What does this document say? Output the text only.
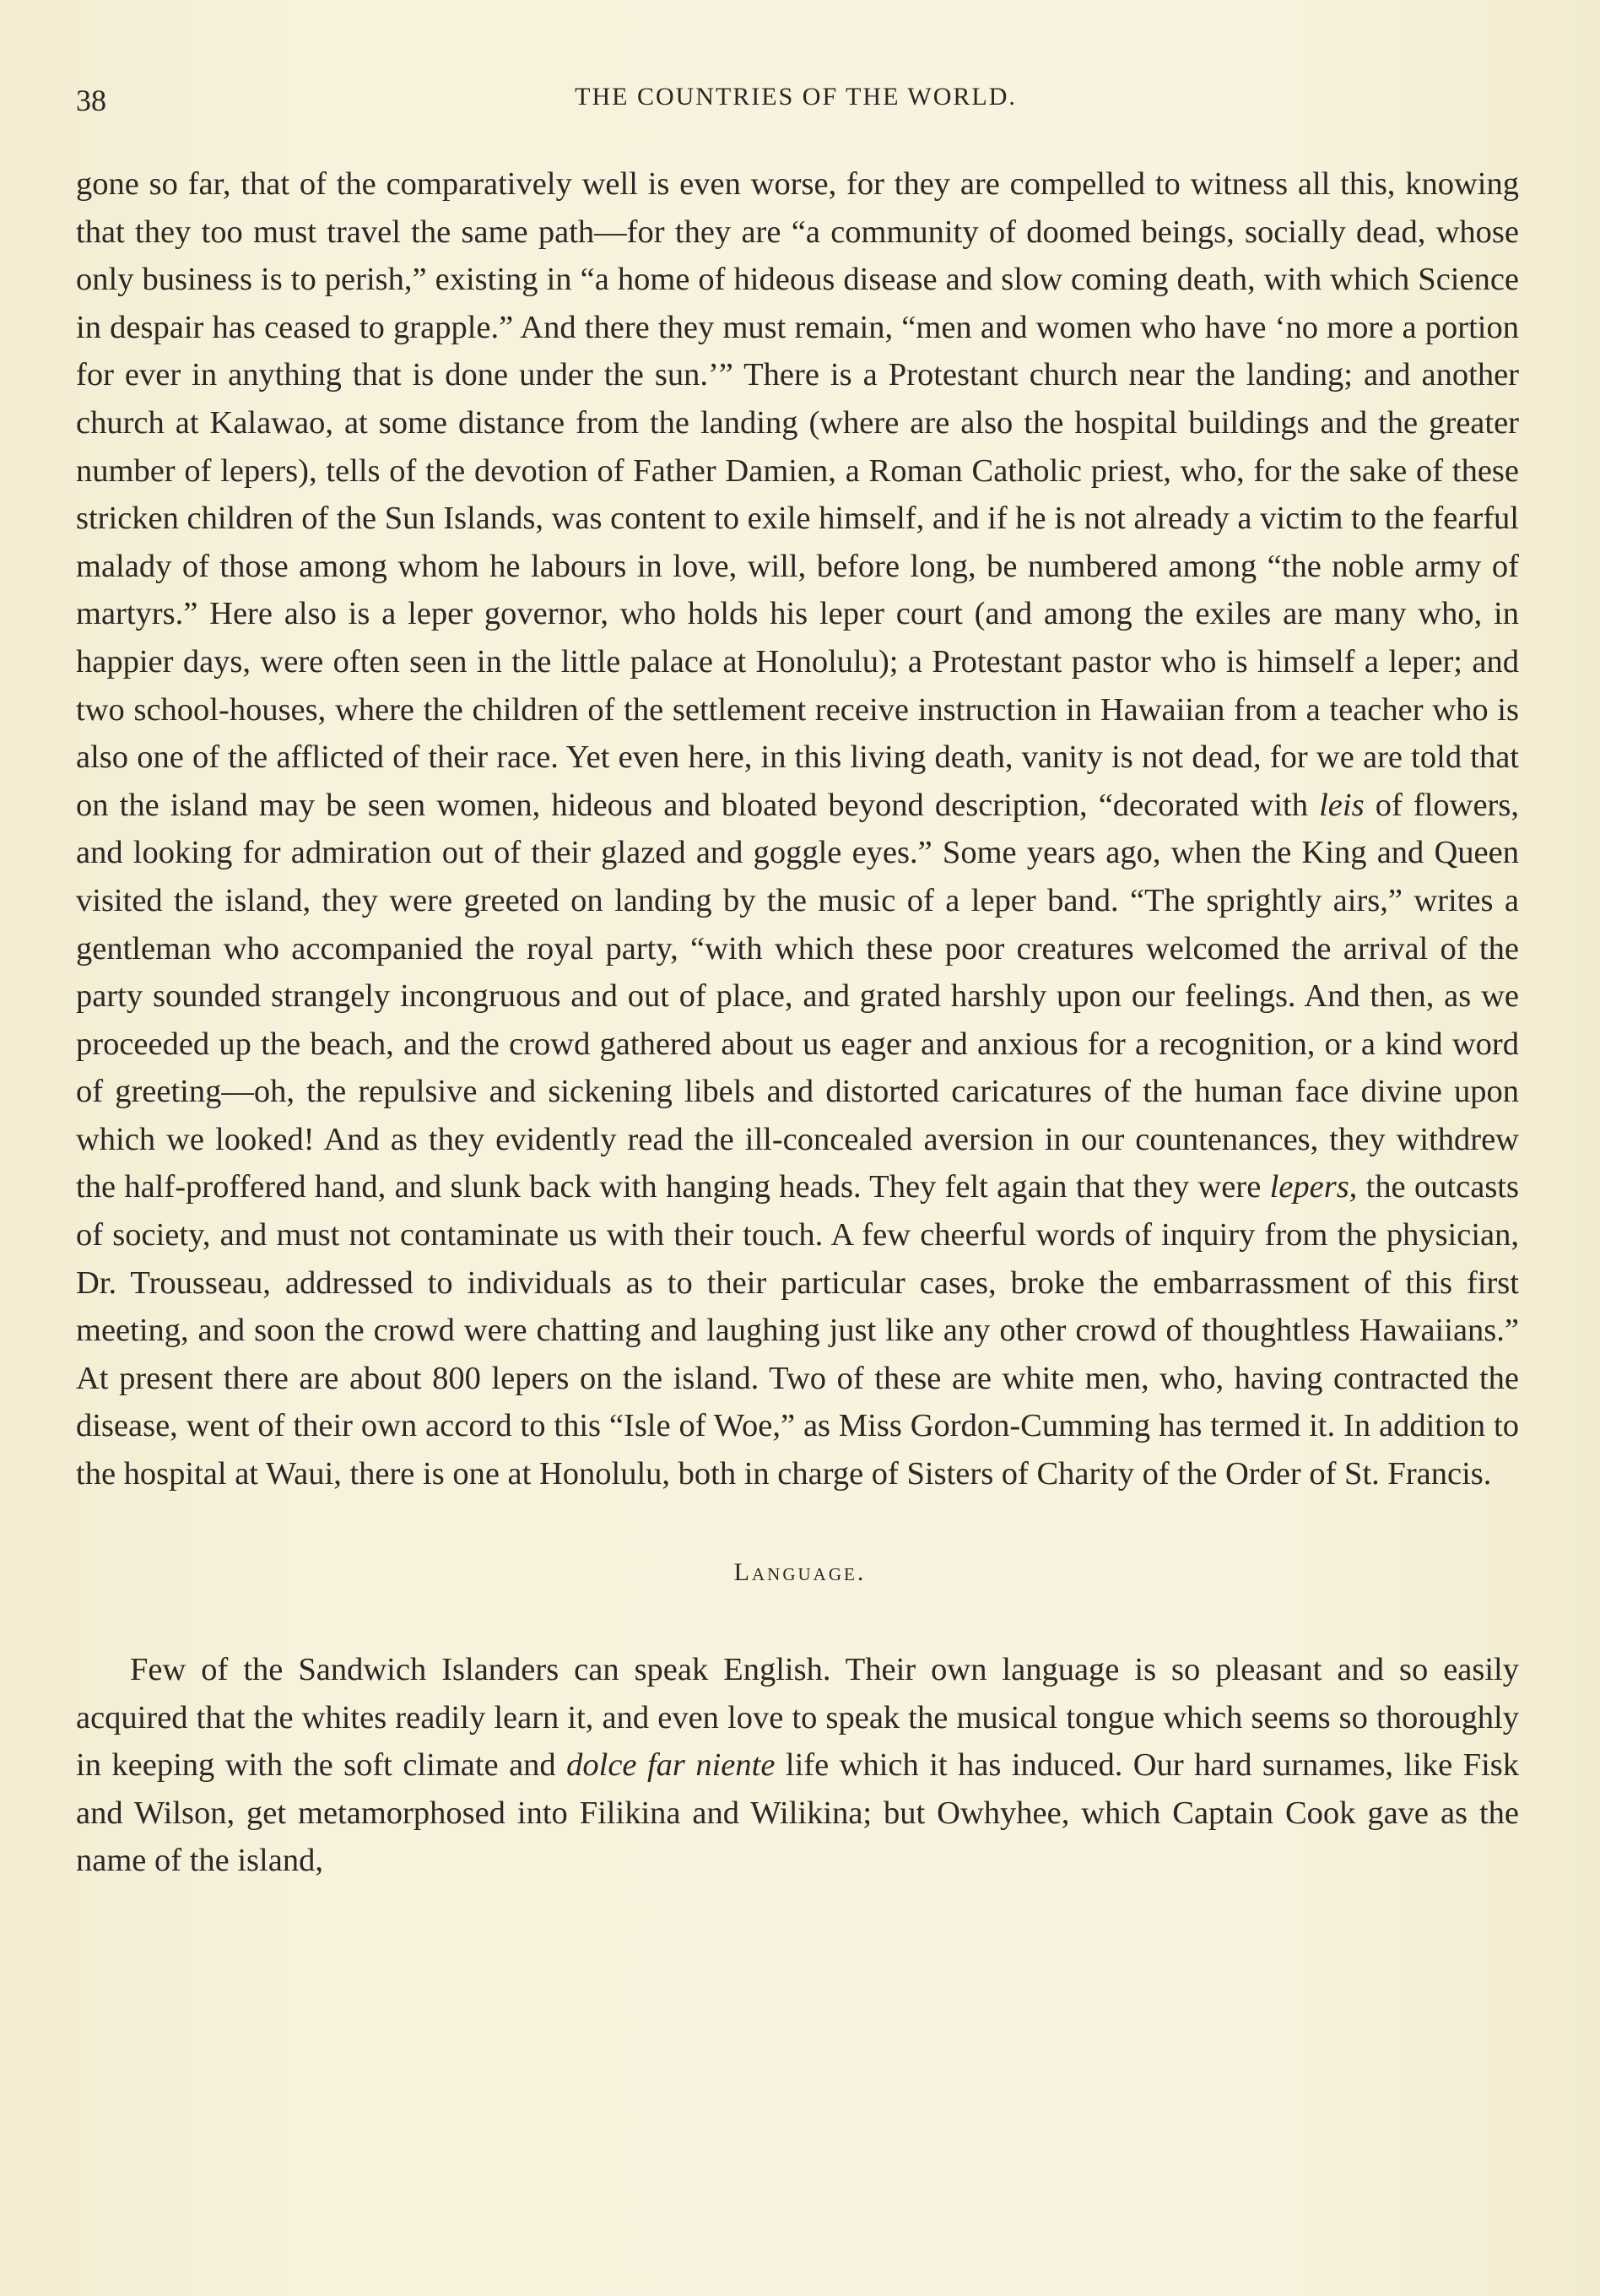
38	THE COUNTRIES OF THE WORLD.

gone so far, that of the comparatively well is even worse, for they are compelled to witness all this, knowing that they too must travel the same path—for they are “a community of doomed beings, socially dead, whose only business is to perish,” existing in “a home of hideous disease and slow coming death, with which Science in despair has ceased to grapple.” And there they must remain, “men and women who have ‘no more a portion for ever in anything that is done under the sun.’” There is a Protestant church near the landing; and another church at Kalawao, at some distance from the landing (where are also the hospital buildings and the greater number of lepers), tells of the devotion of Father Damien, a Roman Catholic priest, who, for the sake of these stricken children of the Sun Islands, was content to exile himself, and if he is not already a victim to the fearful malady of those among whom he labours in love, will, before long, be numbered among “the noble army of martyrs.” Here also is a leper governor, who holds his leper court (and among the exiles are many who, in happier days, were often seen in the little palace at Honolulu); a Protestant pastor who is himself a leper; and two school-houses, where the children of the settlement receive instruction in Hawaiian from a teacher who is also one of the afflicted of their race. Yet even here, in this living death, vanity is not dead, for we are told that on the island may be seen women, hideous and bloated beyond description, “decorated with leis of flowers, and looking for admiration out of their glazed and goggle eyes.” Some years ago, when the King and Queen visited the island, they were greeted on landing by the music of a leper band. “The sprightly airs,” writes a gentleman who accompanied the royal party, “with which these poor creatures welcomed the arrival of the party sounded strangely incongruous and out of place, and grated harshly upon our feelings. And then, as we proceeded up the beach, and the crowd gathered about us eager and anxious for a recognition, or a kind word of greeting—oh, the repulsive and sickening libels and distorted caricatures of the human face divine upon which we looked! And as they evidently read the ill-concealed aversion in our countenances, they withdrew the half-proffered hand, and slunk back with hanging heads. They felt again that they were lepers, the outcasts of society, and must not contaminate us with their touch. A few cheerful words of inquiry from the physician, Dr. Trousseau, addressed to individuals as to their particular cases, broke the embarrassment of this first meeting, and soon the crowd were chatting and laughing just like any other crowd of thoughtless Hawaiians.” At present there are about 800 lepers on the island. Two of these are white men, who, having contracted the disease, went of their own accord to this “Isle of Woe,” as Miss Gordon-Cumming has termed it. In addition to the hospital at Waui, there is one at Honolulu, both in charge of Sisters of Charity of the Order of St. Francis.

Language.

Few of the Sandwich Islanders can speak English. Their own language is so pleasant and so easily acquired that the whites readily learn it, and even love to speak the musical tongue which seems so thoroughly in keeping with the soft climate and dolce far niente life which it has induced. Our hard surnames, like Fisk and Wilson, get metamorphosed into Filikina and Wilikina; but Owhyhee, which Captain Cook gave as the name of the island,
